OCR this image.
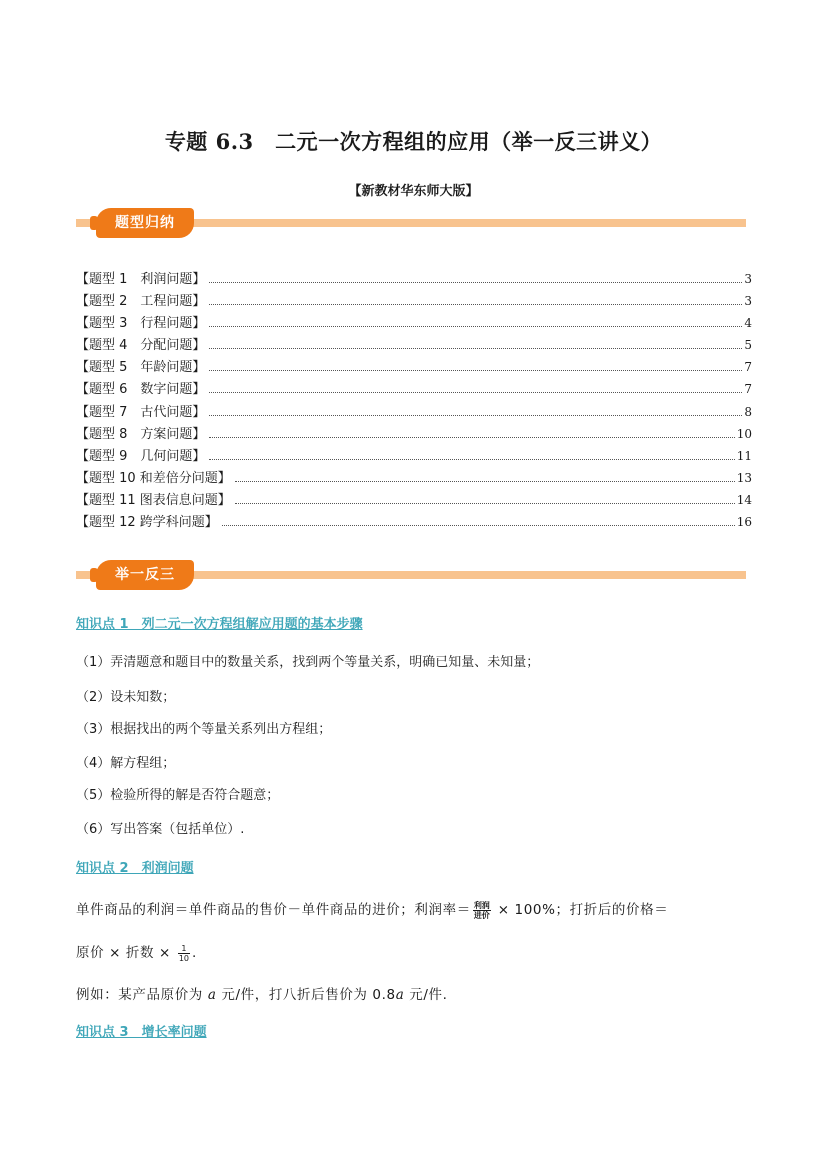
专题 6.3　二元一次方程组的应用（举一反三讲义）
【新教材华东师大版】
题型归纳
【题型 1　利润问题】	3
【题型 2　工程问题】	3
【题型 3　行程问题】	4
【题型 4　分配问题】	5
【题型 5　年龄问题】	7
【题型 6　数字问题】	7
【题型 7　古代问题】	8
【题型 8　方案问题】	10
【题型 9　几何问题】	11
【题型 10 和差倍分问题】	13
【题型 11 图表信息问题】	14
【题型 12 跨学科问题】	16
举一反三
知识点 1　列二元一次方程组解应用题的基本步骤
（1）弄清题意和题目中的数量关系，找到两个等量关系，明确已知量、未知量；
（2）设未知数；
（3）根据找出的两个等量关系列出方程组；
（4）解方程组；
（5）检验所得的解是否符合题意；
（6）写出答案（包括单位）.
知识点 2　利润问题
单件商品的利润＝单件商品的售价－单件商品的进价；利润率＝ $\frac{\text{利润}}{\text{进价}} \times 100\%$；打折后的价格＝
原价 × 折数 × $\frac{1}{10}$ .
例如：某产品原价为 a 元/件，打八折后售价为 0.8a 元/件.
知识点 3　增长率问题
